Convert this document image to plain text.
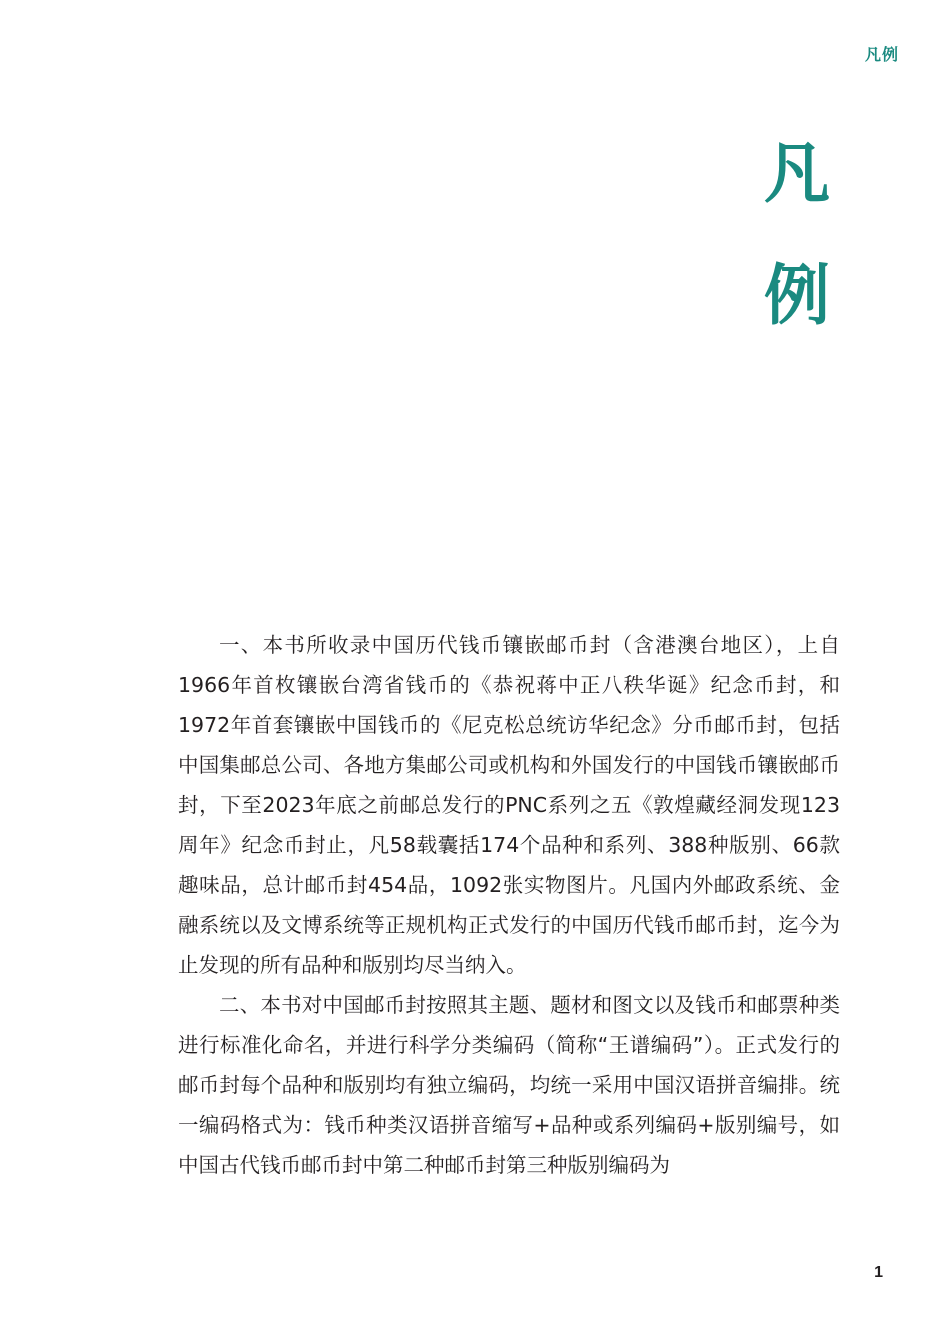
凡例
凡
例

一、本书所收录中国历代钱币镶嵌邮币封（含港澳台地区），上自1966年首枚镶嵌台湾省钱币的《恭祝蒋中正八秩华诞》纪念币封，和1972年首套镶嵌中国钱币的《尼克松总统访华纪念》分币邮币封，包括中国集邮总公司、各地方集邮公司或机构和外国发行的中国钱币镶嵌邮币封，下至2023年底之前邮总发行的PNC系列之五《敦煌藏经洞发现123周年》纪念币封止，凡58载囊括174个品种和系列、388种版别、66款趣味品，总计邮币封454品，1092张实物图片。凡国内外邮政系统、金融系统以及文博系统等正规机构正式发行的中国历代钱币邮币封，迄今为止发现的所有品种和版别均尽当纳入。

二、本书对中国邮币封按照其主题、题材和图文以及钱币和邮票种类进行标准化命名，并进行科学分类编码（简称“王谱编码”）。正式发行的邮币封每个品种和版别均有独立编码，均统一采用中国汉语拼音编排。统一编码格式为：钱币种类汉语拼音缩写+品种或系列编码+版别编号，如中国古代钱币邮币封中第二种邮币封第三种版别编码为

1
